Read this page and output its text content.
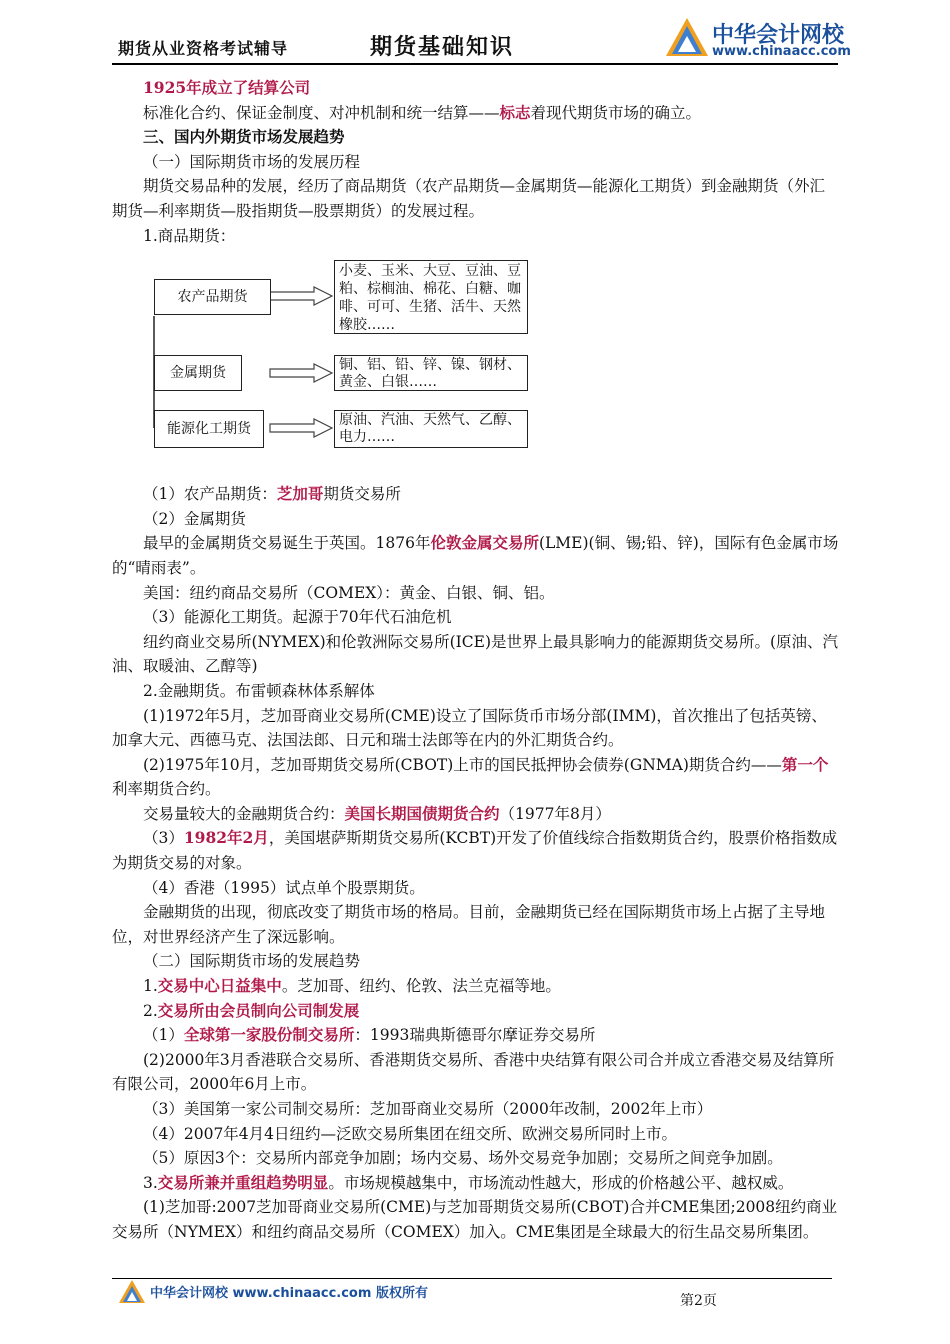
期货从业资格考试辅导	期货基础知识	中华会计网校
www.chinaacc.com

1925年成立了结算公司

标准化合约、保证金制度、对冲机制和统一结算——标志着现代期货市场的确立。

三、国内外期货市场发展趋势

（一）国际期货市场的发展历程

期货交易品种的发展，经历了商品期货（农产品期货—金属期货—能源化工期货）到金融期货（外汇期货—利率期货—股指期货—股票期货）的发展过程。

1.商品期货：

（1）农产品期货：芝加哥期货交易所

（2）金属期货

最早的金属期货交易诞生于英国。1876年伦敦金属交易所(LME)(铜、锡;铅、锌)，国际有色金属市场的“晴雨表”。

美国：纽约商品交易所（COMEX）：黄金、白银、铜、铝。

（3）能源化工期货。起源于70年代石油危机

纽约商业交易所(NYMEX)和伦敦洲际交易所(ICE)是世界上最具影响力的能源期货交易所。(原油、汽油、取暖油、乙醇等)

2.金融期货。布雷顿森林体系解体

(1)1972年5月，芝加哥商业交易所(CME)设立了国际货币市场分部(IMM)，首次推出了包括英镑、加拿大元、西德马克、法国法郎、日元和瑞士法郎等在内的外汇期货合约。

(2)1975年10月，芝加哥期货交易所(CBOT)上市的国民抵押协会债券(GNMA)期货合约——第一个利率期货合约。

交易量较大的金融期货合约：美国长期国债期货合约（1977年8月）

（3）1982年2月，美国堪萨斯期货交易所(KCBT)开发了价值线综合指数期货合约，股票价格指数成为期货交易的对象。

（4）香港（1995）试点单个股票期货。

金融期货的出现，彻底改变了期货市场的格局。目前，金融期货已经在国际期货市场上占据了主导地位，对世界经济产生了深远影响。

（二）国际期货市场的发展趋势

1.交易中心日益集中。芝加哥、纽约、伦敦、法兰克福等地。

2.交易所由会员制向公司制发展

（1）全球第一家股份制交易所：1993瑞典斯德哥尔摩证券交易所

(2)2000年3月香港联合交易所、香港期货交易所、香港中央结算有限公司合并成立香港交易及结算所有限公司，2000年6月上市。

（3）美国第一家公司制交易所：芝加哥商业交易所（2000年改制，2002年上市）

（4）2007年4月4日纽约—泛欧交易所集团在纽交所、欧洲交易所同时上市。

（5）原因3个：交易所内部竞争加剧；场内交易、场外交易竞争加剧；交易所之间竞争加剧。

3.交易所兼并重组趋势明显。市场规模越集中，市场流动性越大，形成的价格越公平、越权威。

(1)芝加哥:2007芝加哥商业交易所(CME)与芝加哥期货交易所(CBOT)合并CME集团;2008纽约商业交易所（NYMEX）和纽约商品交易所（COMEX）加入。CME集团是全球最大的衍生品交易所集团。

农产品期货
金属期货
能源化工期货
小麦、玉米、大豆、豆油、豆粕、棕榈油、棉花、白糖、咖啡、可可、生猪、活牛、天然橡胶……
铜、铝、铅、锌、镍、钢材、黄金、白银……
原油、汽油、天然气、乙醇、电力……
中华会计网校 www.chinaacc.com 版权所有	第2页
